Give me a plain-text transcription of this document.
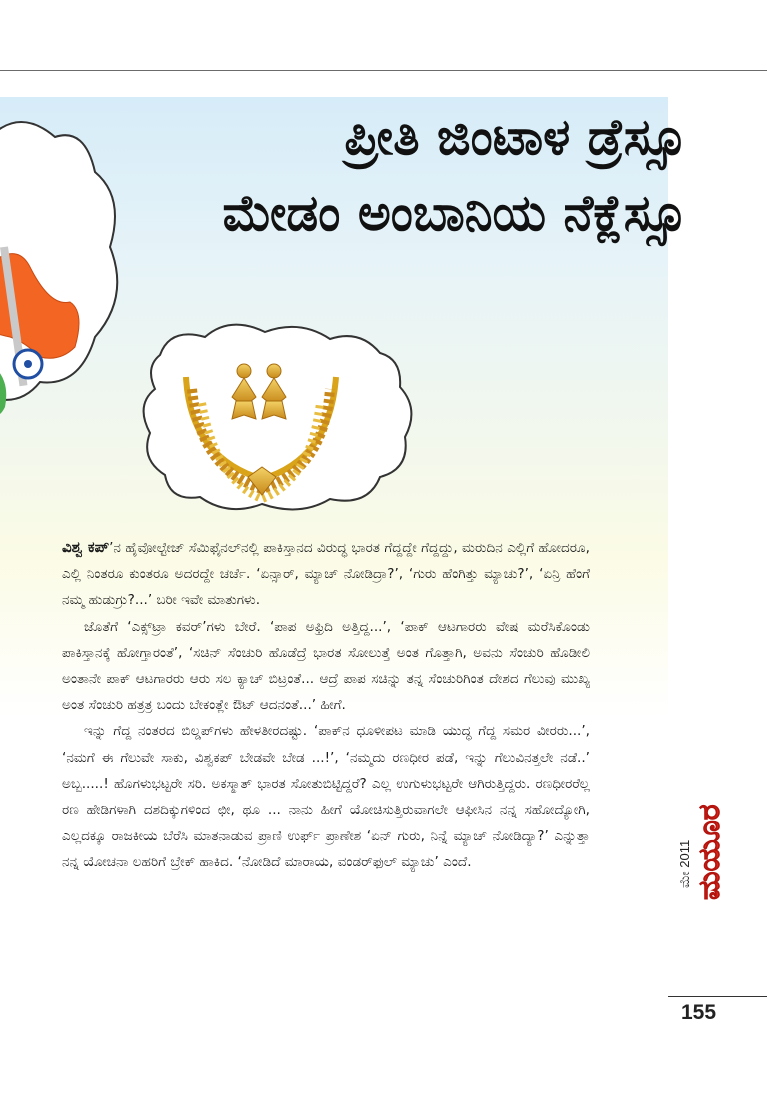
ಪ್ರೀತಿ ಜಿಂಟಾಳ ಡ್ರೆಸ್ಸೂ
ಮೇಡಂ ಅಂಬಾನಿಯ ನೆಕ್ಲೆಸ್ಸೂ

ವಿಶ್ವ ಕಪ್’ನ ಹೈವೋಲ್ಟೇಜ್ ಸೆಮಿಫೈನಲ್‌ನಲ್ಲಿ ಪಾಕಿಸ್ತಾನದ ವಿರುದ್ಧ ಭಾರತ ಗೆದ್ದದ್ದೇ ಗೆದ್ದದ್ದು, ಮರುದಿನ ಎಲ್ಲಿಗೆ ಹೋದರೂ, ಎಲ್ಲಿ ನಿಂತರೂ ಕುಂತರೂ ಅದರದ್ದೇ ಚರ್ಚೆ. ‘ಏನ್ಸಾರ್, ಮ್ಯಾಚ್ ನೋಡಿದ್ರಾ?’, ‘ಗುರು ಹೆಂಗಿತ್ತು ಮ್ಯಾಚು?’, ‘ಏನ್ರಿ ಹೆಂಗೆ ನಮ್ಮ ಹುಡುಗ್ರು?...’ ಬರೀ ಇವೇ ಮಾತುಗಳು.

ಜೊತೆಗೆ ‘ಎಕ್ಸ್‌ಟ್ರಾ ಕವರ್’ಗಳು ಬೇರೆ. ‘ಪಾಪ ಅಫ್ರಿದಿ ಅತ್ತಿದ್ದ...’, ‘ಪಾಕ್ ಆಟಗಾರರು ವೇಷ ಮರೆಸಿಕೊಂಡು ಪಾಕಿಸ್ತಾನಕ್ಕೆ ಹೋಗ್ತಾರಂತೆ’, ‘ಸಚಿನ್ ಸೆಂಚುರಿ ಹೊಡೆದ್ರೆ ಭಾರತ ಸೋಲುತ್ತೆ ಅಂತ ಗೊತ್ತಾಗಿ, ಅವನು ಸೆಂಚುರಿ ಹೊಡೀಲಿ ಅಂತಾನೇ ಪಾಕ್ ಆಟಗಾರರು ಆರು ಸಲ ಕ್ಯಾಚ್ ಬಿಟ್ರಂತೆ... ಆದ್ರೆ ಪಾಪ ಸಚಿನ್ನು ತನ್ನ ಸೆಂಚುರಿಗಿಂತ ದೇಶದ ಗೆಲುವು ಮುಖ್ಯ ಅಂತ ಸೆಂಚುರಿ ಹತ್ರತ್ರ ಬಂದು ಬೇಕಂತ್ಲೇ ಔಟ್ ಆದನಂತೆ...’ ಹೀಗೆ.

ಇನ್ನು ಗೆದ್ದ ನಂತರದ ಬಿಲ್ಡಪ್‌ಗಳು ಹೇಳತೀರದಷ್ಟು. ‘ಪಾಕ್‌ನ ಧೂಳೀಪಟ ಮಾಡಿ ಯುದ್ಧ ಗೆದ್ದ ಸಮರ ವೀರರು...’, ‘ನಮಗೆ ಈ ಗೆಲುವೇ ಸಾಕು, ವಿಶ್ವಕಪ್ ಬೇಡವೇ ಬೇಡ ...!’, ‘ನಮ್ಮದು ರಣಧೀರ ಪಡೆ, ಇನ್ನು ಗೆಲುವಿನತ್ತಲೇ ನಡೆ..’ ಅಬ್ಬ.....! ಹೊಗಳುಭಟ್ಟರೇ ಸರಿ. ಅಕಸ್ಮಾತ್ ಭಾರತ ಸೋತುಬಿಟ್ಟಿದ್ದರೆ? ಎಲ್ಲ ಉಗುಳುಭಟ್ಟರೇ ಆಗಿರುತ್ತಿದ್ದರು. ರಣಧೀರರೆಲ್ಲ ರಣ ಹೇಡಿಗಳಾಗಿ ದಶದಿಕ್ಕುಗಳಿಂದ ಛೀ, ಥೂ ... ನಾನು ಹೀಗೆ ಯೋಚಿಸುತ್ತಿರುವಾಗಲೇ ಆಫೀಸಿನ ನನ್ನ ಸಹೋದ್ಯೋಗಿ, ಎಲ್ಲದಕ್ಕೂ ರಾಜಕೀಯ ಬೆರೆಸಿ ಮಾತನಾಡುವ ಪ್ರಾಣಿ ಉರ್ಫ್ ಪ್ರಾಣೇಶ ‘ಏನ್ ಗುರು, ನಿನ್ನೆ ಮ್ಯಾಚ್ ನೋಡಿದ್ಯಾ?’ ಎನ್ನುತ್ತಾ ನನ್ನ ಯೋಚನಾ ಲಹರಿಗೆ ಬ್ರೇಕ್ ಹಾಕಿದ. ‘ನೋಡಿದೆ ಮಾರಾಯ, ವಂಡರ್‌ಫುಲ್ ಮ್ಯಾಚು’ ಎಂದೆ.	ಮಯೂರ
ಮೇ 2011
155
